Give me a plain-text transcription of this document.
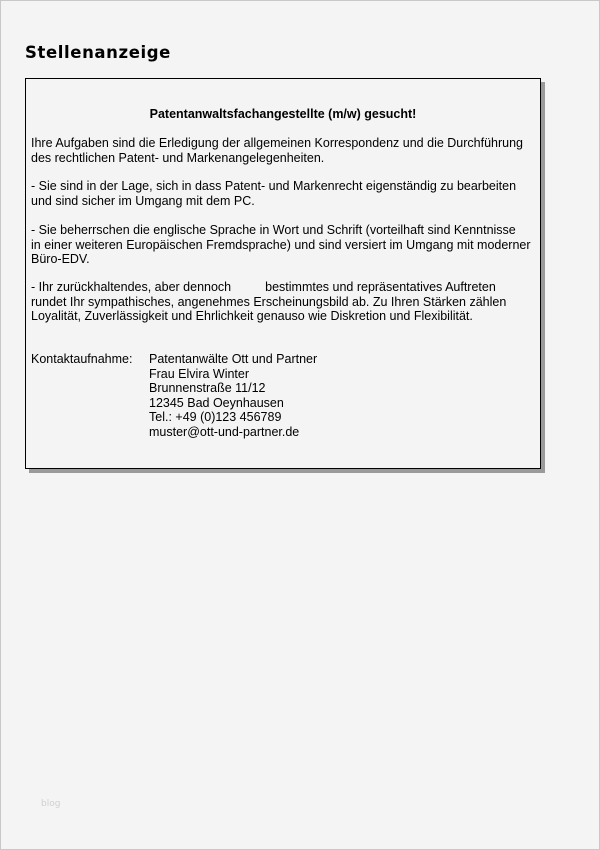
Stellenanzeige
Patentanwaltsfachangestellte (m/w) gesucht!
Ihre Aufgaben sind die Erledigung der allgemeinen Korrespondenz und die Durchführung
des rechtlichen Patent- und Markenangelegenheiten.
- Sie sind in der Lage, sich in dass Patent- und Markenrecht eigenständig zu bearbeiten
und sind sicher im Umgang mit dem PC.
- Sie beherrschen die englische Sprache in Wort und Schrift (vorteilhaft sind Kenntnisse
in einer weiteren Europäischen Fremdsprache) und sind versiert im Umgang mit moderner
Büro-EDV.
- Ihr zurückhaltendes, aber dennoch	bestimmtes und repräsentatives Auftreten
rundet Ihr sympathisches, angenehmes Erscheinungsbild ab. Zu Ihren Stärken zählen
Loyalität, Zuverlässigkeit und Ehrlichkeit genauso wie Diskretion und Flexibilität.
Kontaktaufnahme: Patentanwälte Ott und Partner
Frau Elvira Winter
Brunnenstraße 11/12
12345 Bad Oeynhausen
Tel.: +49 (0)123 456789
muster@ott-und-partner.de
blog
